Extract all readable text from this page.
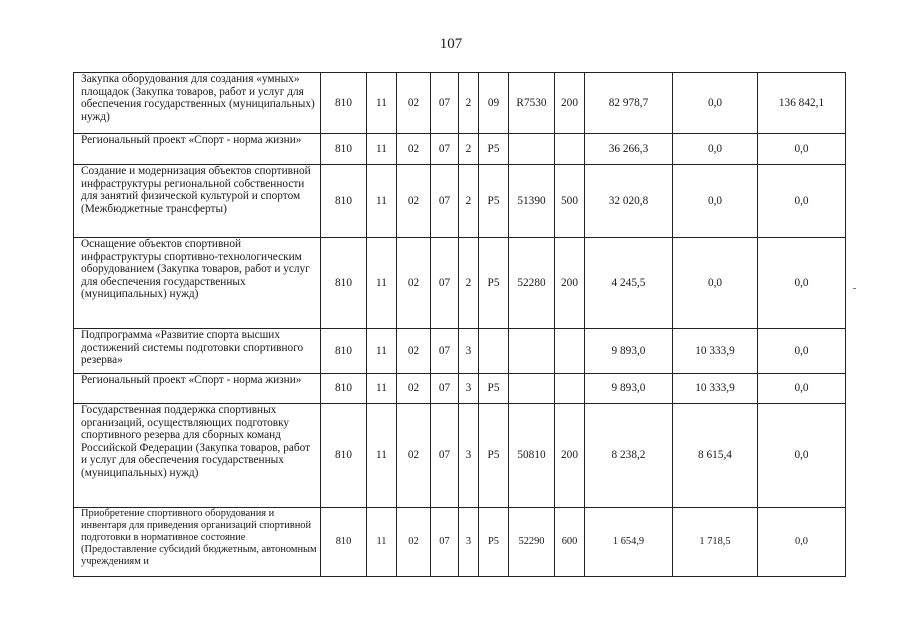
107
Закупка оборудования для создания «умных» площадок (Закупка товаров, работ и услуг для обеспечения государственных (муниципальных) нужд)	810	11	02	07	2	09	R7530	200	82 978,7	0,0	136 842,1
Региональный проект «Спорт - норма жизни»	810	11	02	07	2	P5			36 266,3	0,0	0,0
Создание и модернизация объектов спортивной инфраструктуры региональной собственности для занятий физической культурой и спортом (Межбюджетные трансферты)	810	11	02	07	2	P5	51390	500	32 020,8	0,0	0,0
Оснащение объектов спортивной инфраструктуры спортивно-технологическим оборудованием (Закупка товаров, работ и услуг для обеспечения государственных (муниципальных) нужд)	810	11	02	07	2	P5	52280	200	4 245,5	0,0	0,0
Подпрограмма «Развитие спорта высших достижений системы подготовки спортивного резерва»	810	11	02	07	3				9 893,0	10 333,9	0,0
Региональный проект «Спорт - норма жизни»	810	11	02	07	3	P5			9 893,0	10 333,9	0,0
Государственная поддержка спортивных организаций, осуществляющих подготовку спортивного резерва для сборных команд Российской Федерации (Закупка товаров, работ и услуг для обеспечения государственных (муниципальных) нужд)	810	11	02	07	3	P5	50810	200	8 238,2	8 615,4	0,0
Приобретение спортивного оборудования и инвентаря для приведения организаций спортивной подготовки в нормативное состояние (Предоставление субсидий бюджетным, автономным учреждениям и	810	11	02	07	3	P5	52290	600	1 654,9	1 718,5	0,0
